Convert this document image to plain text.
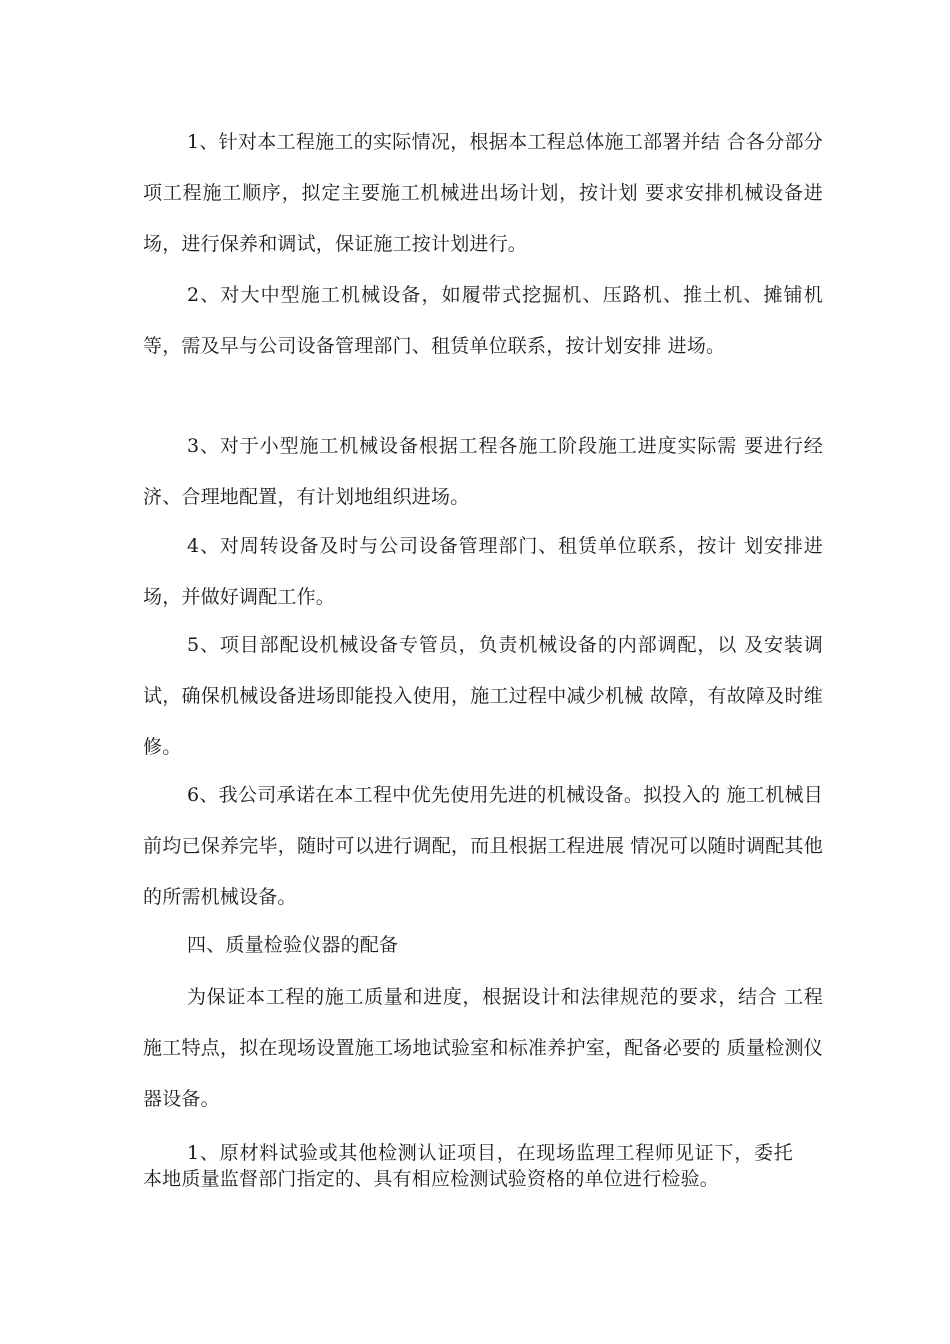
1、针对本工程施工的实际情况，根据本工程总体施工部署并结 合各分部分项工程施工顺序，拟定主要施工机械进出场计划，按计划 要求安排机械设备进场，进行保养和调试，保证施工按计划进行。

2、对大中型施工机械设备，如履带式挖掘机、压路机、推土机、摊铺机等，需及早与公司设备管理部门、租赁单位联系，按计划安排 进场。

3、对于小型施工机械设备根据工程各施工阶段施工进度实际需 要进行经济、合理地配置，有计划地组织进场。

4、对周转设备及时与公司设备管理部门、租赁单位联系，按计 划安排进场，并做好调配工作。

5、项目部配设机械设备专管员，负责机械设备的内部调配，以 及安装调试，确保机械设备进场即能投入使用，施工过程中减少机械 故障，有故障及时维修。

6、我公司承诺在本工程中优先使用先进的机械设备。拟投入的 施工机械目前均已保养完毕，随时可以进行调配，而且根据工程进展 情况可以随时调配其他的所需机械设备。

四、质量检验仪器的配备

为保证本工程的施工质量和进度，根据设计和法律规范的要求，结合 工程施工特点，拟在现场设置施工场地试验室和标准养护室，配备必要的 质量检测仪器设备。

1、原材料试验或其他检测认证项目，在现场监理工程师见证下，委托本地质量监督部门指定的、具有相应检测试验资格的单位进行检验。
